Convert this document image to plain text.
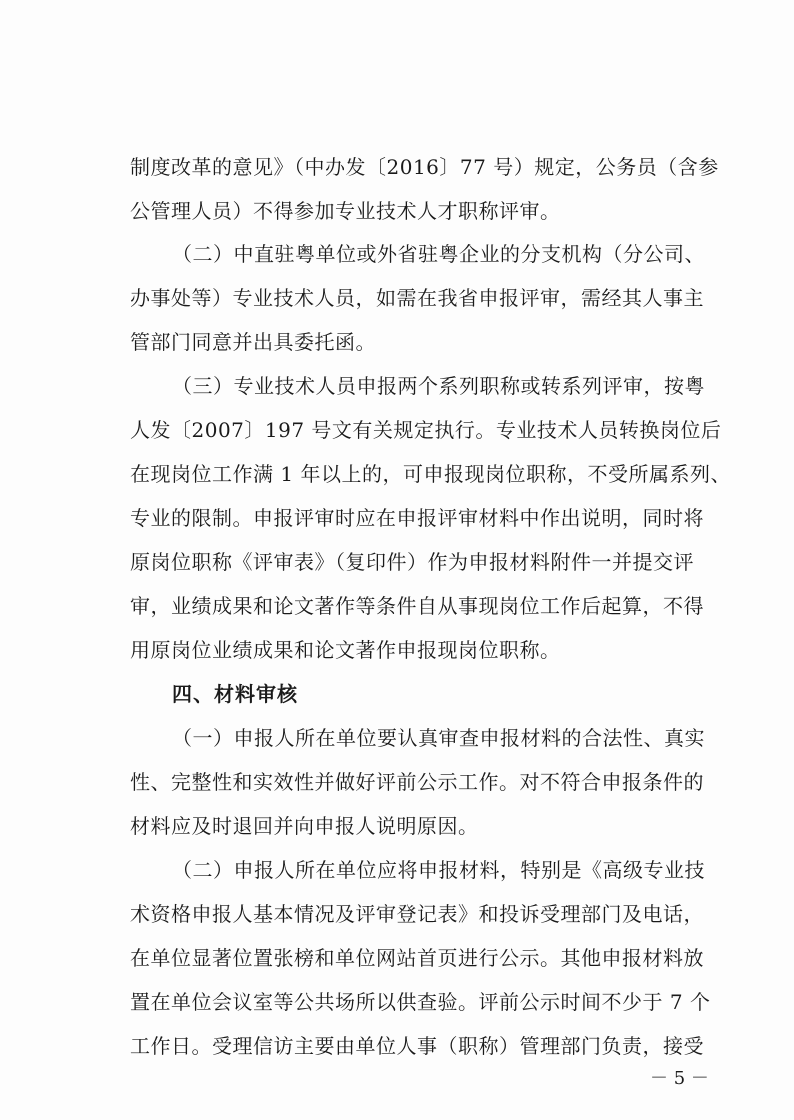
制度改革的意见》（中办发〔2016〕77 号）规定，公务员（含参
公管理人员）不得参加专业技术人才职称评审。
（二）中直驻粤单位或外省驻粤企业的分支机构（分公司、
办事处等）专业技术人员，如需在我省申报评审，需经其人事主
管部门同意并出具委托函。
（三）专业技术人员申报两个系列职称或转系列评审，按粤
人发〔2007〕197 号文有关规定执行。专业技术人员转换岗位后
在现岗位工作满 1 年以上的，可申报现岗位职称，不受所属系列、
专业的限制。申报评审时应在申报评审材料中作出说明，同时将
原岗位职称《评审表》（复印件）作为申报材料附件一并提交评
审，业绩成果和论文著作等条件自从事现岗位工作后起算，不得
用原岗位业绩成果和论文著作申报现岗位职称。
四、材料审核
（一）申报人所在单位要认真审查申报材料的合法性、真实
性、完整性和实效性并做好评前公示工作。对不符合申报条件的
材料应及时退回并向申报人说明原因。
（二）申报人所在单位应将申报材料，特别是《高级专业技
术资格申报人基本情况及评审登记表》和投诉受理部门及电话，
在单位显著位置张榜和单位网站首页进行公示。其他申报材料放
置在单位会议室等公共场所以供查验。评前公示时间不少于 7 个
工作日。受理信访主要由单位人事（职称）管理部门负责，接受
－ 5 －
